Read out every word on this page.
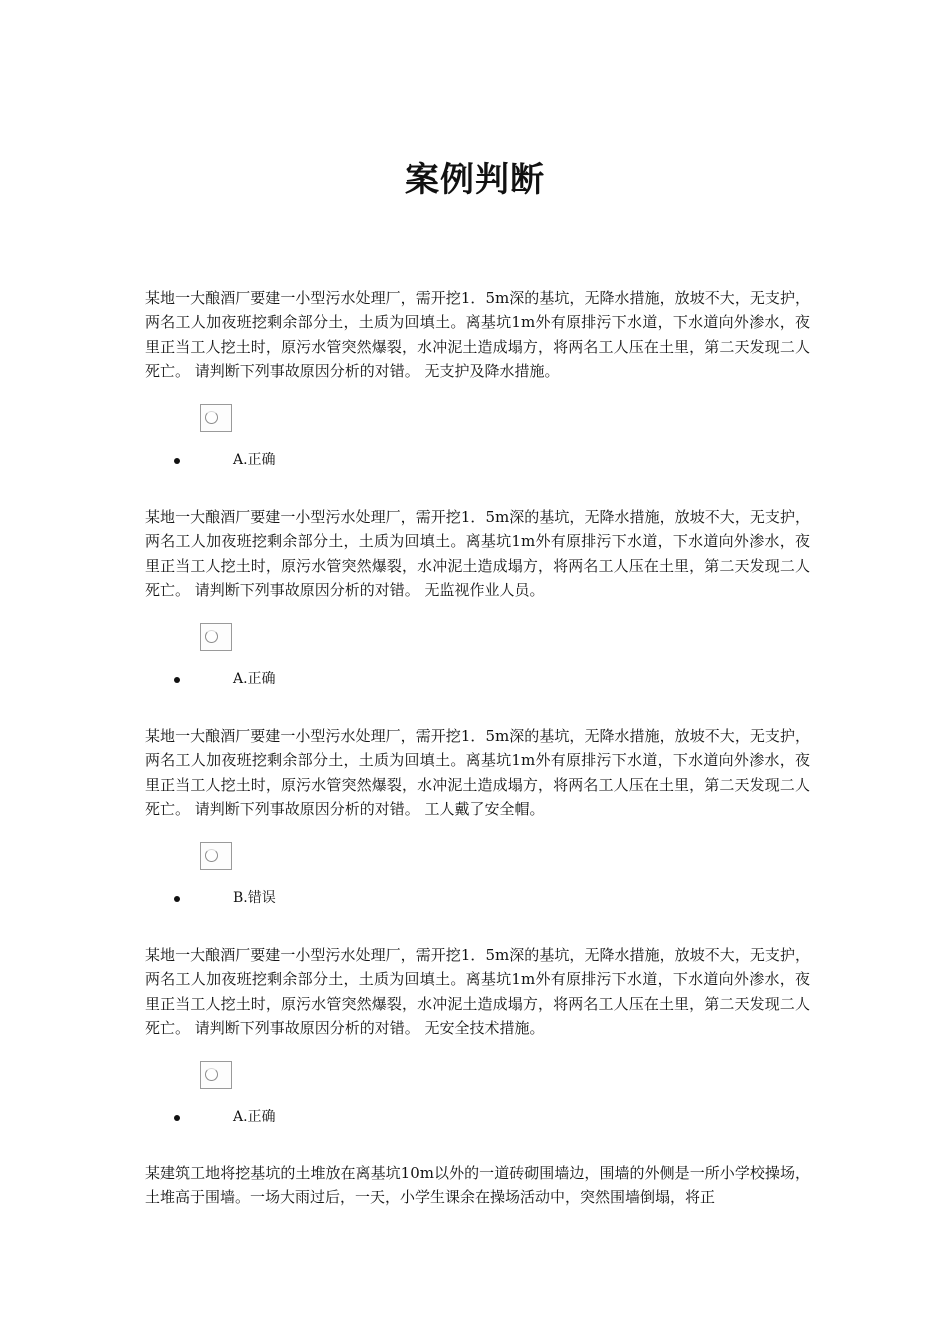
案例判断

某地一大酿酒厂要建一小型污水处理厂，需开挖1．5m深的基坑，无降水措施，放坡不大，无支护，两名工人加夜班挖剩余部分土，土质为回填土。离基坑1m外有原排污下水道，下水道向外渗水，夜里正当工人挖土时，原污水管突然爆裂，水冲泥土造成塌方，将两名工人压在土里，第二天发现二人死亡。 请判断下列事故原因分析的对错。 无支护及降水措施。

A.正确

某地一大酿酒厂要建一小型污水处理厂，需开挖1．5m深的基坑，无降水措施，放坡不大，无支护，两名工人加夜班挖剩余部分土，土质为回填土。离基坑1m外有原排污下水道，下水道向外渗水，夜里正当工人挖土时，原污水管突然爆裂，水冲泥土造成塌方，将两名工人压在土里，第二天发现二人死亡。 请判断下列事故原因分析的对错。 无监视作业人员。

A.正确

某地一大酿酒厂要建一小型污水处理厂，需开挖1．5m深的基坑，无降水措施，放坡不大，无支护，两名工人加夜班挖剩余部分土，土质为回填土。离基坑1m外有原排污下水道，下水道向外渗水，夜里正当工人挖土时，原污水管突然爆裂，水冲泥土造成塌方，将两名工人压在土里，第二天发现二人死亡。 请判断下列事故原因分析的对错。 工人戴了安全帽。

B.错误

某地一大酿酒厂要建一小型污水处理厂，需开挖1．5m深的基坑，无降水措施，放坡不大，无支护，两名工人加夜班挖剩余部分土，土质为回填土。离基坑1m外有原排污下水道，下水道向外渗水，夜里正当工人挖土时，原污水管突然爆裂，水冲泥土造成塌方，将两名工人压在土里，第二天发现二人死亡。 请判断下列事故原因分析的对错。 无安全技术措施。

A.正确

某建筑工地将挖基坑的土堆放在离基坑10m以外的一道砖砌围墙边，围墙的外侧是一所小学校操场，土堆高于围墙。一场大雨过后，一天，小学生课余在操场活动中，突然围墙倒塌，将正
